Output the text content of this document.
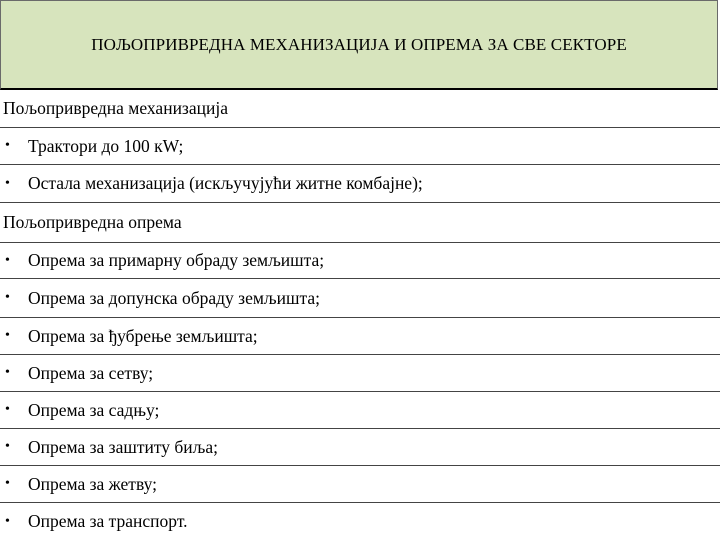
ПОЉОПРИВРЕДНА МЕХАНИЗАЦИЈА И ОПРЕМА ЗА СВЕ СЕКТОРЕ
Пољопривредна механизација
•	Трактори до 100 кW;
•	Остала механизација (искључујући житне комбајне);
Пољопривредна опрема
•	Опрема за примарну обраду земљишта;
•	Опрема за допунска обраду земљишта;
•	Опрема за ђубрење земљишта;
•	Опрема за сетву;
•	Опрема за садњу;
•	Опрема за заштиту биља;
•	Опрема за жетву;
•	Опрема за транспорт.
